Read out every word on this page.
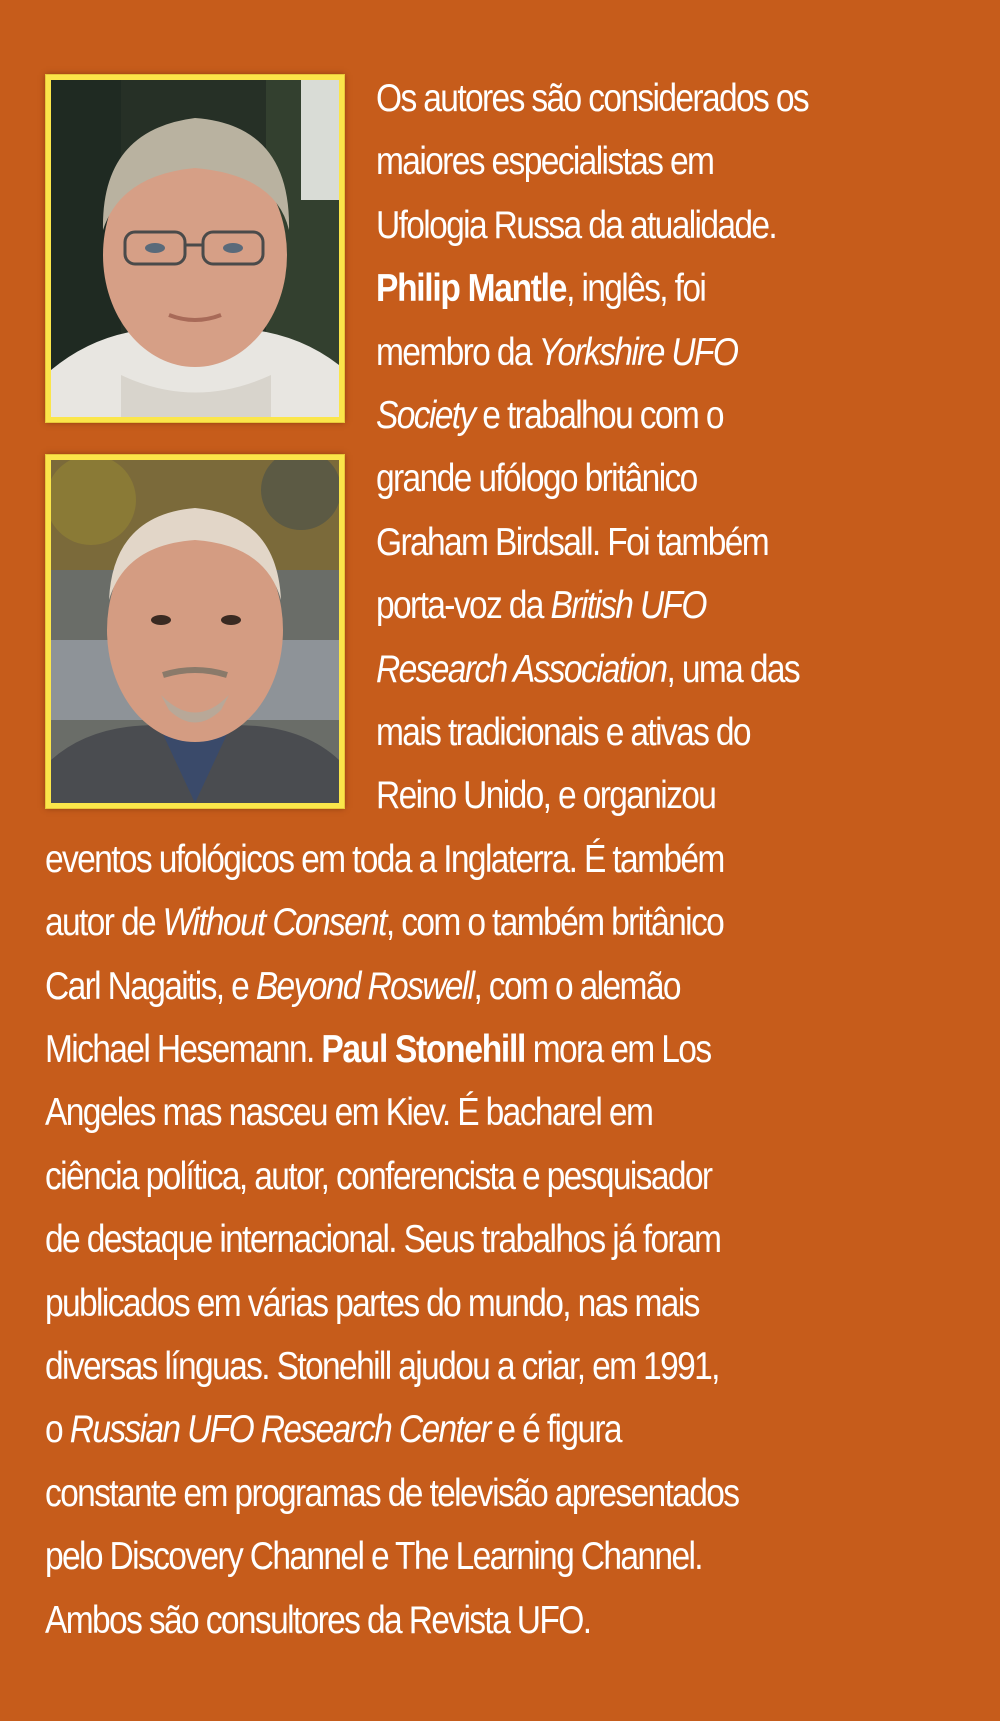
Os autores são considerados os
maiores especialistas em
Ufologia Russa da atualidade.
Philip Mantle, inglês, foi
membro da Yorkshire UFO
Society e trabalhou com o
grande ufólogo britânico
Graham Birdsall. Foi também
porta-voz da British UFO
Research Association, uma das
mais tradicionais e ativas do
Reino Unido, e organizou
eventos ufológicos em toda a Inglaterra. É também
autor de Without Consent, com o também britânico
Carl Nagaitis, e Beyond Roswell, com o alemão
Michael Hesemann. Paul Stonehill mora em Los
Angeles mas nasceu em Kiev. É bacharel em
ciência política, autor, conferencista e pesquisador
de destaque internacional. Seus trabalhos já foram
publicados em várias partes do mundo, nas mais
diversas línguas. Stonehill ajudou a criar, em 1991,
o Russian UFO Research Center e é figura
constante em programas de televisão apresentados
pelo Discovery Channel e The Learning Channel.
Ambos são consultores da Revista UFO.
